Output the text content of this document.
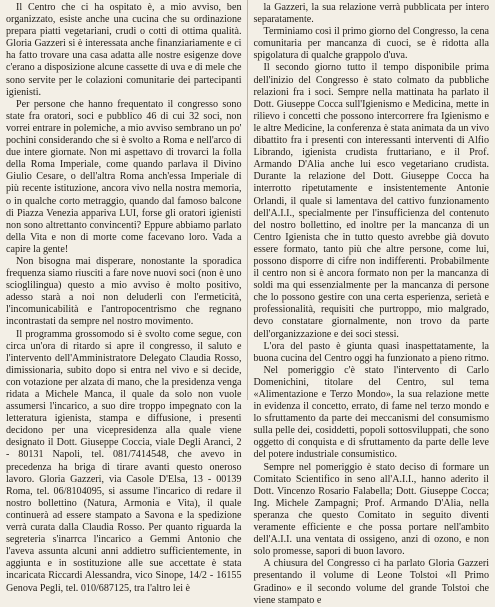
Il Centro che ci ha ospitato è, a mio avviso, ben organizzato, esiste anche una cucina che su ordinazione prepara piatti vegetariani, crudi o cotti di ottima qualità. Gloria Gazzeri si è interessata anche finanziariamente e ci ha fatto trovare una casa adatta alle nostre esigenze dove c'erano a disposizione alcune cassette di uva e di mele che sono servite per le colazioni comunitarie dei partecipanti igienisti.

Per persone che hanno frequentato il congresso sono state fra oratori, soci e pubblico 46 di cui 32 soci, non vorrei entrare in polemiche, a mio avviso sembrano un po' pochini considerando che si è svolto a Roma e nell'arco di due intere giornate. Non mi aspettavo di trovarci la folla della Roma Imperiale, come quando parlava il Divino Giulio Cesare, o dell'altra Roma anch'essa Imperiale di più recente istituzione, ancora vivo nella nostra memoria, o in qualche corto metraggio, quando dal famoso balcone di Piazza Venezia appariva LUI, forse gli oratori igienisti non sono altrettanto convincenti? Eppure abbiamo parlato della Vita e non di morte come facevano loro. Vada a capire la gente!

Non bisogna mai disperare, nonostante la sporadica frequenza siamo riusciti a fare nove nuovi soci (non è uno scioglilingua) questo a mio avviso è molto positivo, adesso starà a noi non deluderli con l'ermeticità, l'incomunicabilità e l'antropocentrismo che regnano incontrastati da sempre nel nostro movimento.

Il programma grossomodo si è svolto come segue, con circa un'ora di ritardo si apre il congresso, il saluto e l'intervento dell'Amministratore Delegato Claudia Rosso, dimissionaria, subito dopo si entra nel vivo e si decide, con votazione per alzata di mano, che la presidenza venga ridata a Michele Manca, il quale da solo non vuole assumersi l'incarico, a suo dire troppo impegnato con la letteratura igienista, stampa e diffusione, i presenti decidono per una vicepresidenza alla quale viene designato il Dott. Giuseppe Coccia, viale Degli Aranci, 2 - 80131 Napoli, tel. 081/7414548, che avevo in precedenza ha briga di tirare avanti questo oneroso lavoro. Gloria Gazzeri, via Casole D'Elsa, 13 - 00139 Roma, tel. 06/8104095, si assume l'incarico di redare il nostro bollettino (Natura, Armonia e Vita), il quale continuerà ad essere stampato a Savona e la spedizione verrà curata dalla Claudia Rosso. Per quanto riguarda la segreteria s'inarrca l'incarico a Gemmi Antonio che l'aveva assunta alcuni anni addietro sufficientemente, in aggiunta e in sostituzione alle sue accettate è stata incaricata Riccardi Alessandra, vico Sinope, 14/2 - 16155 Genova Pegli, tel. 010/687125, tra l'altro lei è

la Gazzeri, la sua relazione verrà pubblicata per intero separatamente.

Terminiamo così il primo giorno del Congresso, la cena comunitaria per mancanza di cuoci, se è ridotta alla spigolatura di qualche grappolo d'uva.

Il secondo giorno tutto il tempo disponibile prima dell'inizio del Congresso è stato colmato da pubbliche relazioni fra i soci. Sempre nella mattinata ha parlato il Dott. Giuseppe Cocca sull'Igienismo e Medicina, mette in rilievo i concetti che possono intercorrere fra Igienismo e le altre Medicine, la conferenza è stata animata da un vivo dibattito fra i presenti con interessanti interventi di Alfio Librando, igienista crudista fruttariano, e il Prof. Armando D'Alia anche lui esco vegetariano crudista. Durante la relazione del Dott. Giuseppe Cocca ha interrotto ripetutamente e insistentemente Antonie Orlandi, il quale si lamentava del cattivo funzionamento dell'A.I.I., specialmente per l'insufficienza del contenuto del nostro bollettino, ed inoltre per la mancanza di un Centro Igienista che in tutto questo avrebbe già dovuto essere formato, tanto più che altre persone, come lui, possono disporre di cifre non indifferenti. Probabilmente il centro non si è ancora formato non per la mancanza di soldi ma qui essenzialmente per la mancanza di persone che lo possono gestire con una certa esperienza, serietà e professionalità, requisiti che purtroppo, mio malgrado, devo constatare giornalmente, non trovo da parte dell'organizzazione e dei soci stessi.

L'ora del pasto è giunta quasi inaspettatamente, la buona cucina del Centro oggi ha funzionato a pieno ritmo.

Nel pomeriggio c'è stato l'intervento di Carlo Domenichini, titolare del Centro, sul tema «Alimentazione e Terzo Mondo», la sua relazione mette in evidenza il concetto, errato, di fame nel terzo mondo e lo sfruttamento da parte dei meccanismi del consumismo sulla pelle dei, cosiddetti, popoli sottosviluppati, che sono oggetto di conquista e di sfruttamento da parte delle leve del potere industriale consumistico.

Sempre nel pomeriggio è stato deciso di formare un Comitato Scientifico in seno all'A.I.I., hanno aderito il Dott. Vincenzo Rosario Falabella; Dott. Giuseppe Cocca; Ing. Michele Zampagni; Prof. Armando D'Alia, nella speranza che questo Comitato in seguito diventi veramente efficiente e che possa portare nell'ambito dell'A.I.I. una ventata di ossigeno, anzi di ozono, e non solo promesse, sapori di buon lavoro.

A chiusura del Congresso ci ha parlato Gloria Gazzeri presentando il volume di Leone Tolstoi «Il Primo Gradino» e il secondo volume del grande Tolstoi che viene stampato e
